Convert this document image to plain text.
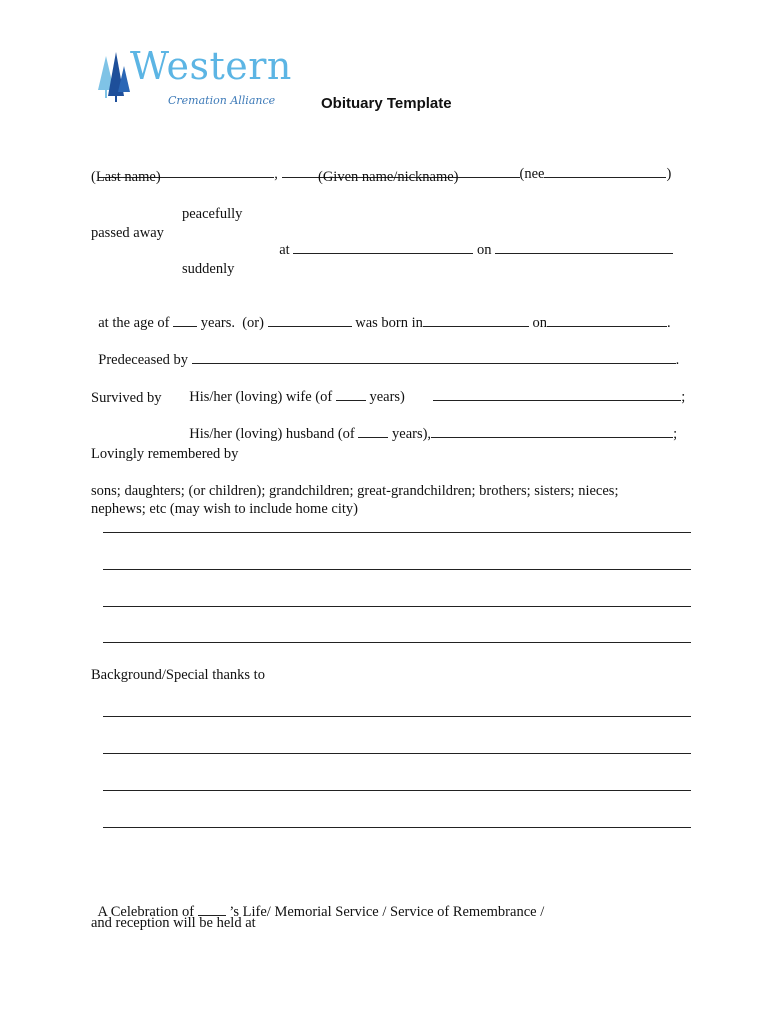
Western
Cremation Alliance	Obituary Template

,	(nee	)

(Last name)	(Given name/nickname)
peacefully
passed away

at	on

suddenly

at the age of years.  (or)	was born in	on	.

Predeceased by	.

His/her (loving) wife (of	years)	;

Survived by

His/her (loving) husband (of	years),	;

Lovingly remembered by
sons; daughters; (or children); grandchildren; great-grandchildren; brothers; sisters; nieces;
nephews; etc (may wish to include home city)
Background/Special thanks to

A Celebration of ’s Life/ Memorial Service / Service of Remembrance /

and reception will be held at
